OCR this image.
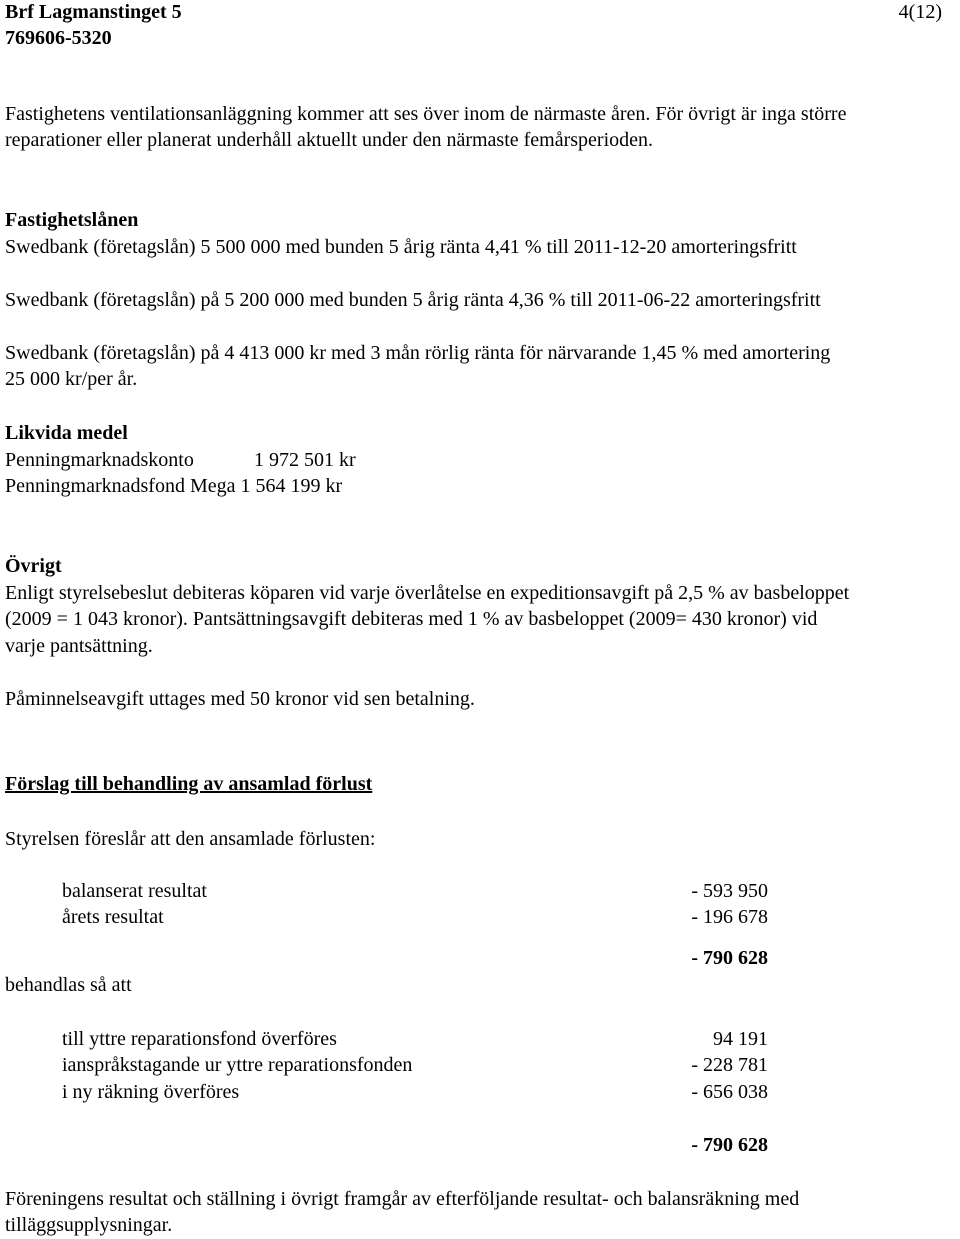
Brf Lagmanstinget 5
769606-5320
4(12)
Fastighetens ventilationsanläggning kommer att ses över inom de närmaste åren. För övrigt är inga större
reparationer eller planerat underhåll aktuellt under den närmaste femårsperioden.
Fastighetslånen
Swedbank (företagslån) 5 500 000 med bunden 5 årig ränta 4,41 % till 2011-12-20 amorteringsfritt
Swedbank (företagslån) på 5 200 000 med bunden 5 årig ränta 4,36 % till 2011-06-22 amorteringsfritt
Swedbank (företagslån) på 4 413 000 kr med 3 mån rörlig ränta för närvarande 1,45 % med amortering
25 000 kr/per år.
Likvida medel
Penningmarknadskonto	1 972 501 kr
Penningmarknadsfond Mega 1 564 199 kr
Övrigt
Enligt styrelsebeslut debiteras köparen vid varje överlåtelse en expeditionsavgift på 2,5 % av basbeloppet
(2009 = 1 043 kronor). Pantsättningsavgift debiteras med 1 % av basbeloppet (2009= 430 kronor) vid
varje pantsättning.
Påminnelseavgift uttages med 50 kronor vid sen betalning.
Förslag till behandling av ansamlad förlust
Styrelsen föreslår att den ansamlade förlusten:
balanserat resultat	- 593 950
årets resultat	- 196 678
- 790 628
behandlas så att
till yttre reparationsfond överföres	94 191
ianspråkstagande ur yttre reparationsfonden	- 228 781
i ny räkning överföres	- 656 038
- 790 628
Föreningens resultat och ställning i övrigt framgår av efterföljande resultat- och balansräkning med
tilläggsupplysningar.
